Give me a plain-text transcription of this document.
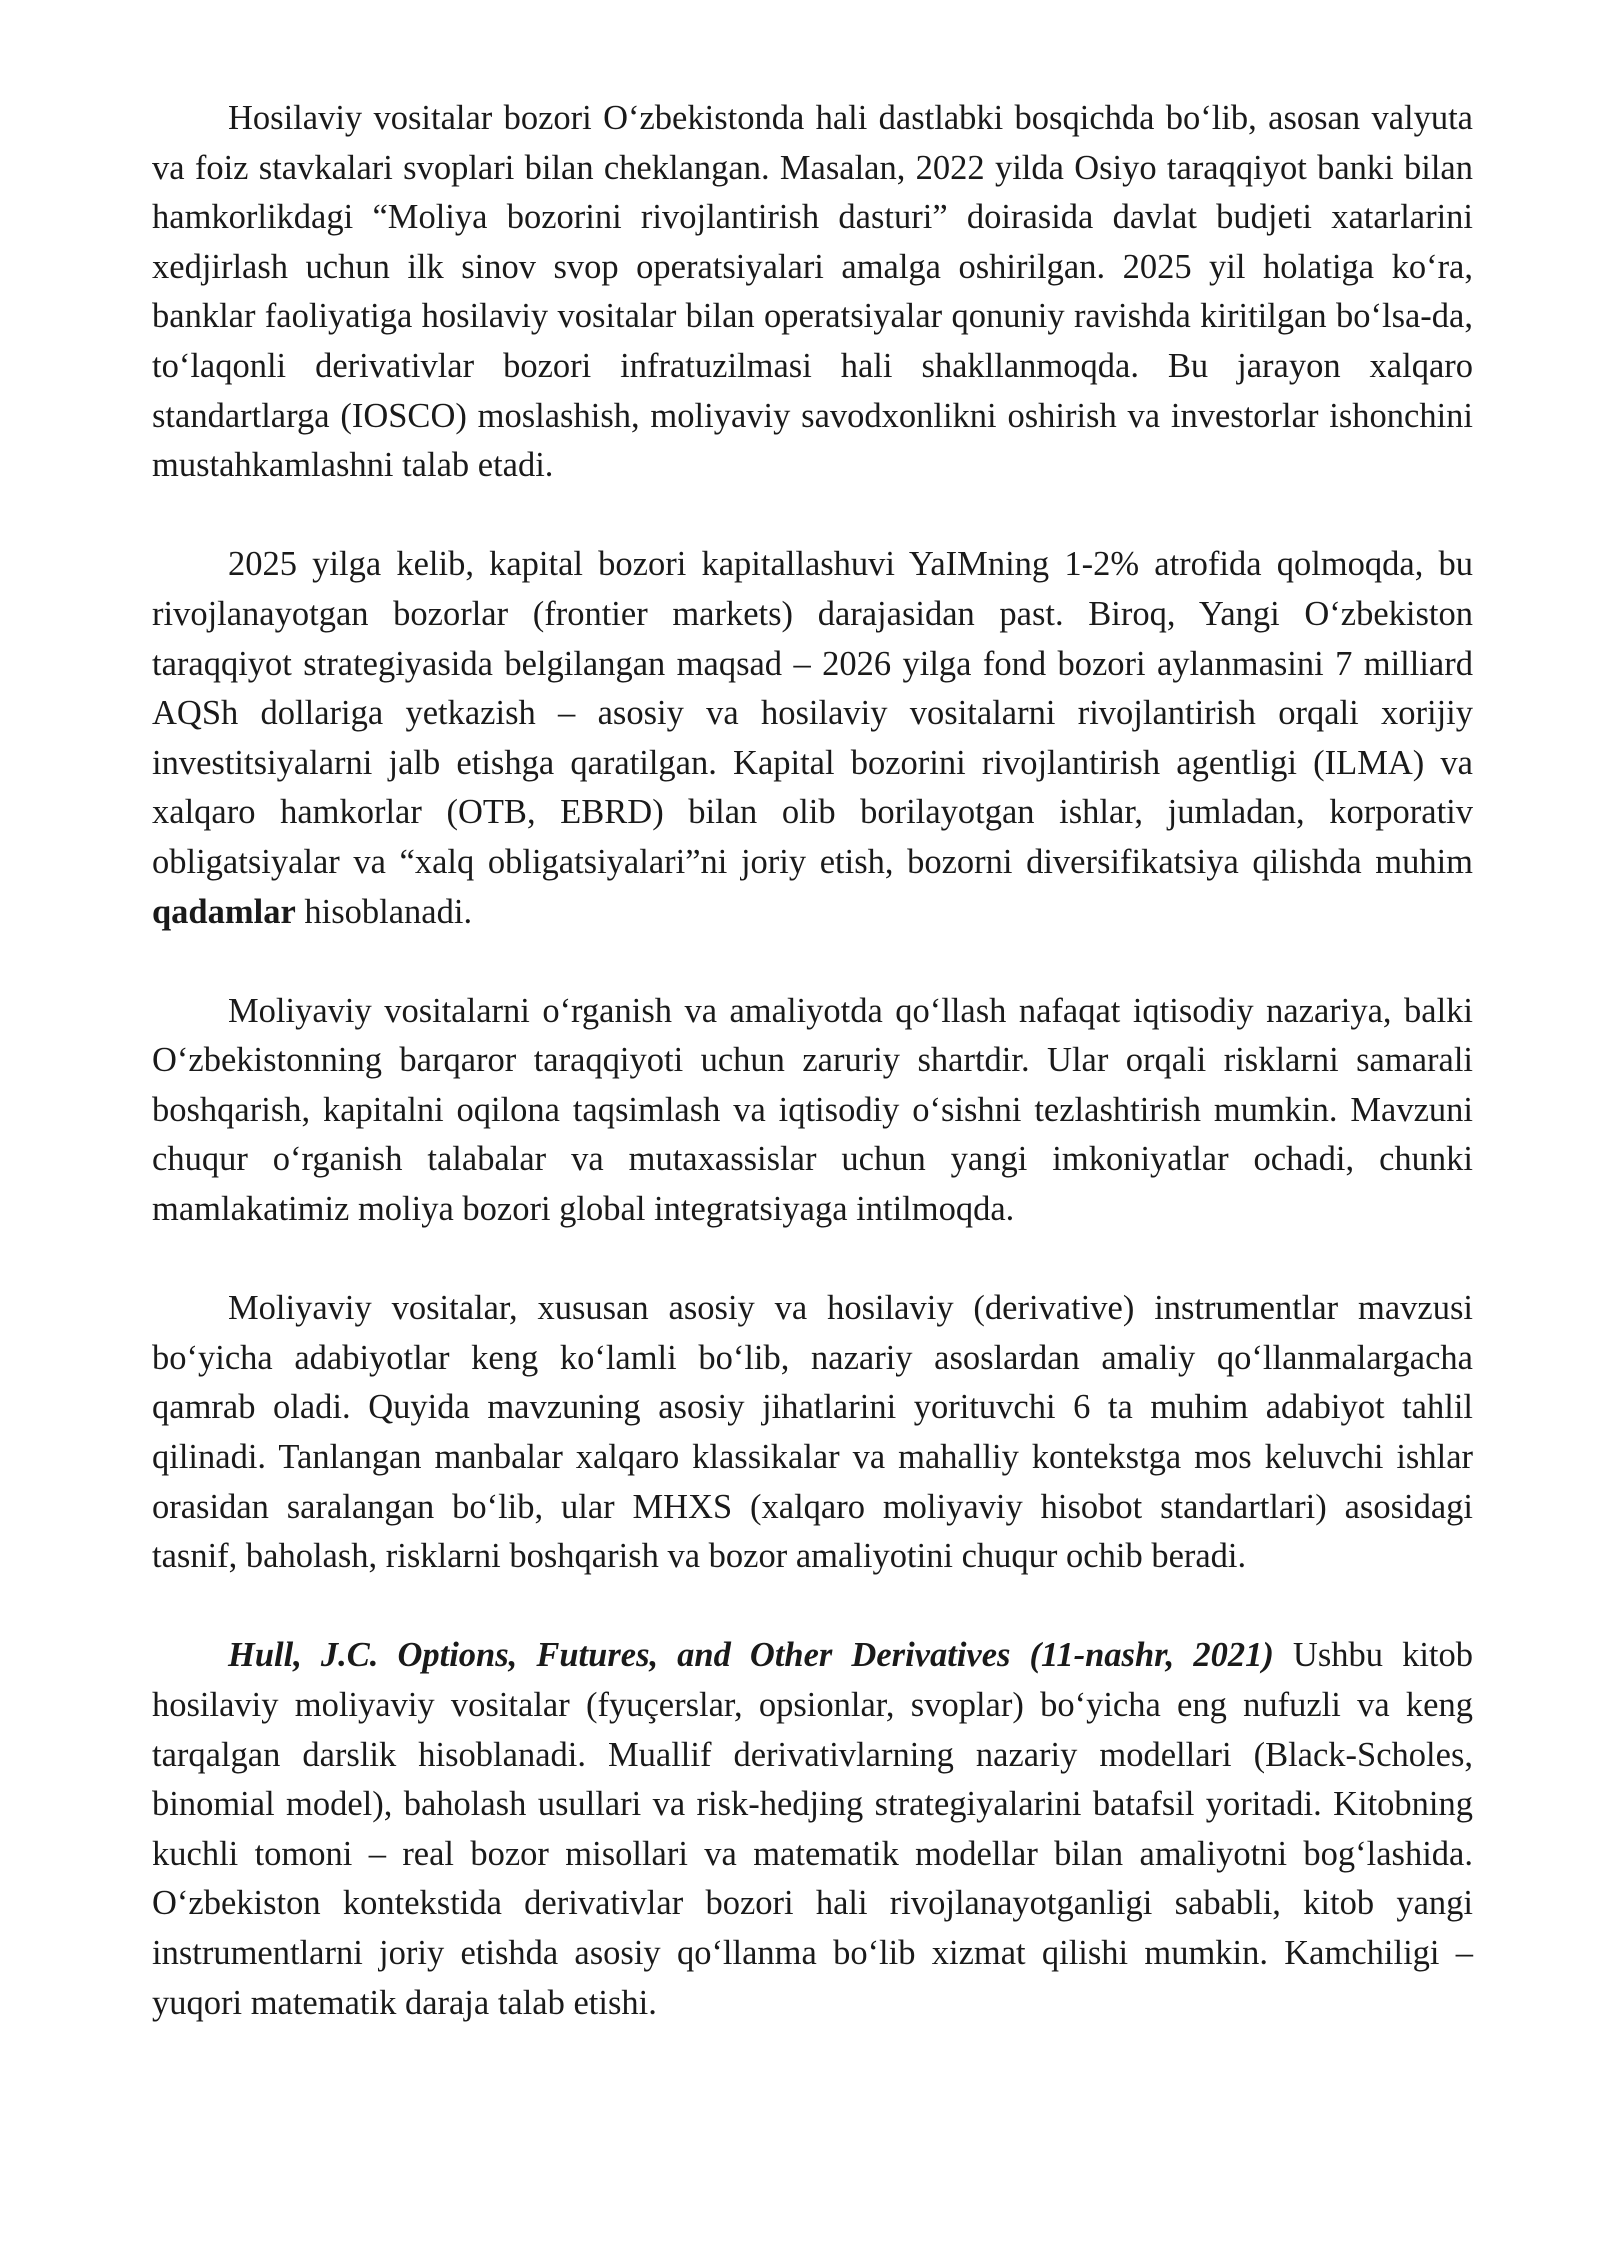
Hosilaviy vositalar bozori O‘zbekistonda hali dastlabki bosqichda bo‘lib, asosan valyuta va foiz stavkalari svoplari bilan cheklangan. Masalan, 2022 yilda Osiyo taraqqiyot banki bilan hamkorlikdagi “Moliya bozorini rivojlantirish dasturi” doirasida davlat budjeti xatarlarini xedjirlash uchun ilk sinov svop operatsiyalari amalga oshirilgan. 2025 yil holatiga ko‘ra, banklar faoliyatiga hosilaviy vositalar bilan operatsiyalar qonuniy ravishda kiritilgan bo‘lsa-da, to‘laqonli derivativlar bozori infratuzilmasi hali shakllanmoqda. Bu jarayon xalqaro standartlarga (IOSCO) moslashish, moliyaviy savodxonlikni oshirish va investorlar ishonchini mustahkamlashni talab etadi.

2025 yilga kelib, kapital bozori kapitallashuvi YaIMning 1-2% atrofida qolmoqda, bu rivojlanayotgan bozorlar (frontier markets) darajasidan past. Biroq, Yangi O‘zbekiston taraqqiyot strategiyasida belgilangan maqsad – 2026 yilga fond bozori aylanmasini 7 milliard AQSh dollariga yetkazish – asosiy va hosilaviy vositalarni rivojlantirish orqali xorijiy investitsiyalarni jalb etishga qaratilgan. Kapital bozorini rivojlantirish agentligi (ILMA) va xalqaro hamkorlar (OTB, EBRD) bilan olib borilayotgan ishlar, jumladan, korporativ obligatsiyalar va “xalq obligatsiyalari”ni joriy etish, bozorni diversifikatsiya qilishda muhim qadamlar hisoblanadi.

Moliyaviy vositalarni o‘rganish va amaliyotda qo‘llash nafaqat iqtisodiy nazariya, balki O‘zbekistonning barqaror taraqqiyoti uchun zaruriy shartdir. Ular orqali risklarni samarali boshqarish, kapitalni oqilona taqsimlash va iqtisodiy o‘sishni tezlashtirish mumkin. Mavzuni chuqur o‘rganish talabalar va mutaxassislar uchun yangi imkoniyatlar ochadi, chunki mamlakatimiz moliya bozori global integratsiyaga intilmoqda.

Moliyaviy vositalar, xususan asosiy va hosilaviy (derivative) instrumentlar mavzusi bo‘yicha adabiyotlar keng ko‘lamli bo‘lib, nazariy asoslardan amaliy qo‘llanmalargacha qamrab oladi. Quyida mavzuning asosiy jihatlarini yorituvchi 6 ta muhim adabiyot tahlil qilinadi. Tanlangan manbalar xalqaro klassikalar va mahalliy kontekstga mos keluvchi ishlar orasidan saralangan bo‘lib, ular MHXS (xalqaro moliyaviy hisobot standartlari) asosidagi tasnif, baholash, risklarni boshqarish va bozor amaliyotini chuqur ochib beradi.

Hull, J.C. Options, Futures, and Other Derivatives (11-nashr, 2021) Ushbu kitob hosilaviy moliyaviy vositalar (fyuçerslar, opsionlar, svoplar) bo‘yicha eng nufuzli va keng tarqalgan darslik hisoblanadi. Muallif derivativlarning nazariy modellari (Black-Scholes, binomial model), baholash usullari va risk-hedjing strategiyalarini batafsil yoritadi. Kitobning kuchli tomoni – real bozor misollari va matematik modellar bilan amaliyotni bog‘lashida. O‘zbekiston kontekstida derivativlar bozori hali rivojlanayotganligi sababli, kitob yangi instrumentlarni joriy etishda asosiy qo‘llanma bo‘lib xizmat qilishi mumkin. Kamchiligi – yuqori matematik daraja talab etishi.
